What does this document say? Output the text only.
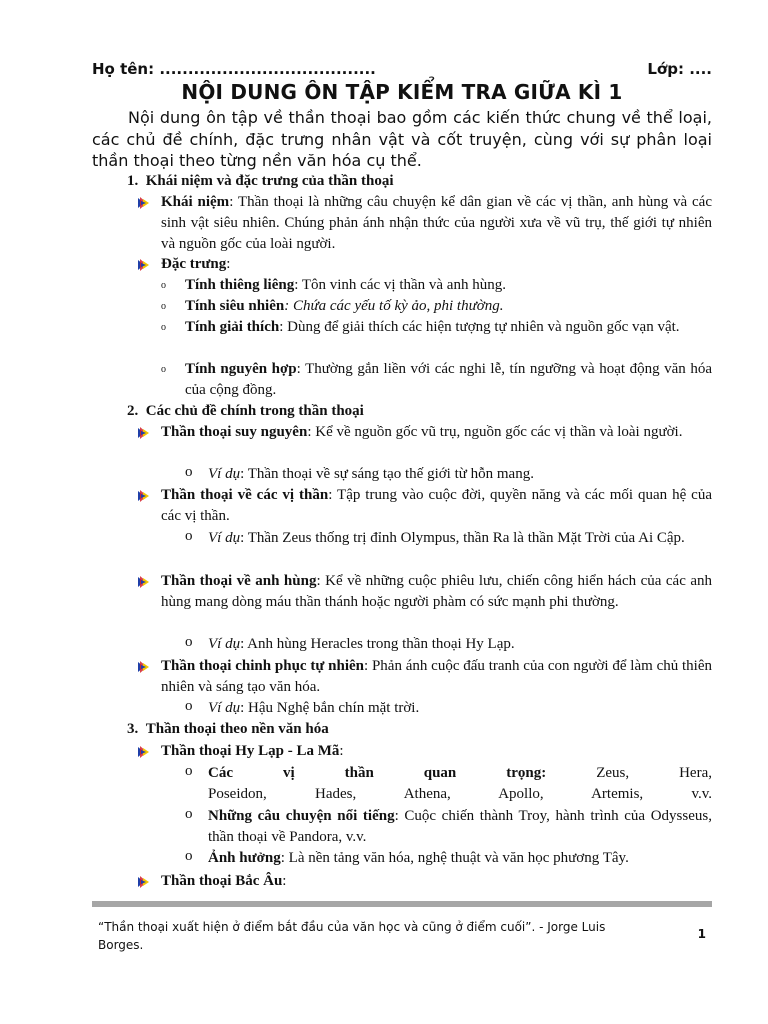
Họ tên: ......................................	Lớp: ....
NỘI DUNG ÔN TẬP KIỂM TRA GIỮA KÌ 1
Nội dung ôn tập về thần thoại bao gồm các kiến thức chung về thể loại, các chủ đề chính, đặc trưng nhân vật và cốt truyện, cùng với sự phân loại thần thoại theo từng nền văn hóa cụ thể.
1. Khái niệm và đặc trưng của thần thoại
Khái niệm: Thần thoại là những câu chuyện kể dân gian về các vị thần, anh hùng và các sinh vật siêu nhiên. Chúng phản ánh nhận thức của người xưa về vũ trụ, thế giới tự nhiên và nguồn gốc của loài người.
Đặc trưng:
o Tính thiêng liêng: Tôn vinh các vị thần và anh hùng.
o Tính siêu nhiên: Chứa các yếu tố kỳ ảo, phi thường.
o Tính giải thích: Dùng để giải thích các hiện tượng tự nhiên và nguồn gốc vạn vật.
o Tính nguyên hợp: Thường gắn liền với các nghi lễ, tín ngưỡng và hoạt động văn hóa của cộng đồng.
2. Các chủ đề chính trong thần thoại
Thần thoại suy nguyên: Kể về nguồn gốc vũ trụ, nguồn gốc các vị thần và loài người.
o Ví dụ: Thần thoại về sự sáng tạo thế giới từ hỗn mang.
Thần thoại về các vị thần: Tập trung vào cuộc đời, quyền năng và các mối quan hệ của các vị thần.
o Ví dụ: Thần Zeus thống trị đỉnh Olympus, thần Ra là thần Mặt Trời của Ai Cập.
Thần thoại về anh hùng: Kể về những cuộc phiêu lưu, chiến công hiển hách của các anh hùng mang dòng máu thần thánh hoặc người phàm có sức mạnh phi thường.
o Ví dụ: Anh hùng Heracles trong thần thoại Hy Lạp.
Thần thoại chinh phục tự nhiên: Phản ánh cuộc đấu tranh của con người để làm chủ thiên nhiên và sáng tạo văn hóa.
o Ví dụ: Hậu Nghệ bắn chín mặt trời.
3. Thần thoại theo nền văn hóa
Thần thoại Hy Lạp - La Mã:
o Các vị thần quan trọng: Zeus, Hera, Poseidon, Hades, Athena, Apollo, Artemis, v.v.
o Những câu chuyện nổi tiếng: Cuộc chiến thành Troy, hành trình của Odysseus, thần thoại về Pandora, v.v.
o Ảnh hưởng: Là nền tảng văn hóa, nghệ thuật và văn học phương Tây.
Thần thoại Bắc Âu:
“Thần thoại xuất hiện ở điểm bắt đầu của văn học và cũng ở điểm cuối”. - Jorge Luis Borges.
1
